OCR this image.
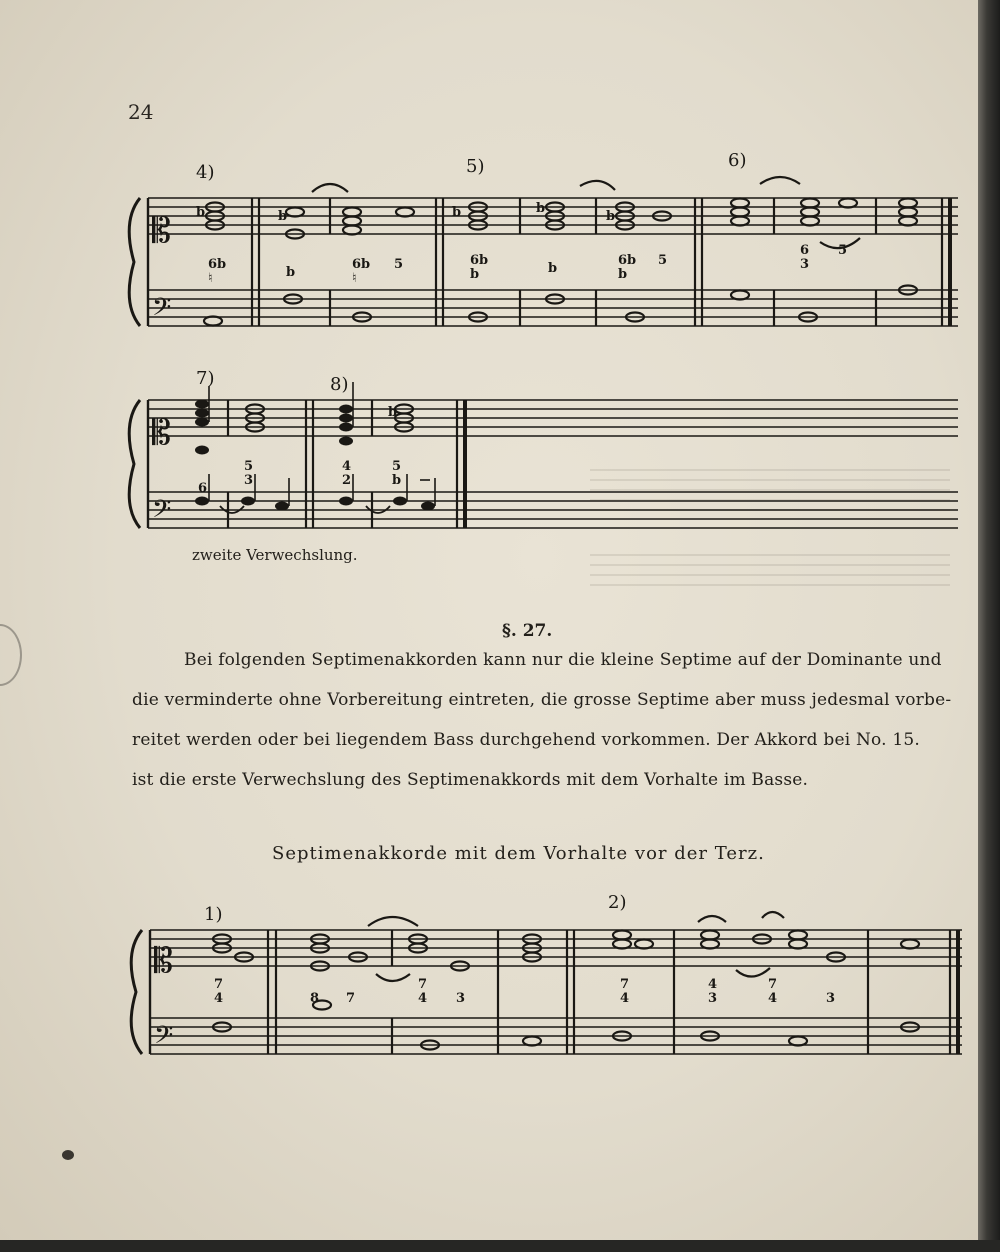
24
𝄡
𝄢
b	b	b	b
b
4)	5)	6)
6b
b
6b 5	6b
b
6b 5
6 5
♮	♮	b	b
3
𝄡
𝄢
b
7)	8)
6
5
3
4
2
5
b
zweite Verwechslung.
§. 27.
Bei folgenden Septimenakkorden kann nur die kleine Septime auf der Dominante und
die verminderte ohne Vorbereitung eintreten, die grosse Septime aber muss jedesmal vorbe-
reitet werden oder bei liegendem Bass durchgehend vorkommen. Der Akkord bei No. 15.
ist die erste Verwechslung des Septimenakkords mit dem Vorhalte im Basse.
Septimenakkorde mit dem Vorhalte vor der Terz.
𝄡
𝄢
1)
2)
7
4	8 7
7
4 3
7
4
4
3
7
4	3
